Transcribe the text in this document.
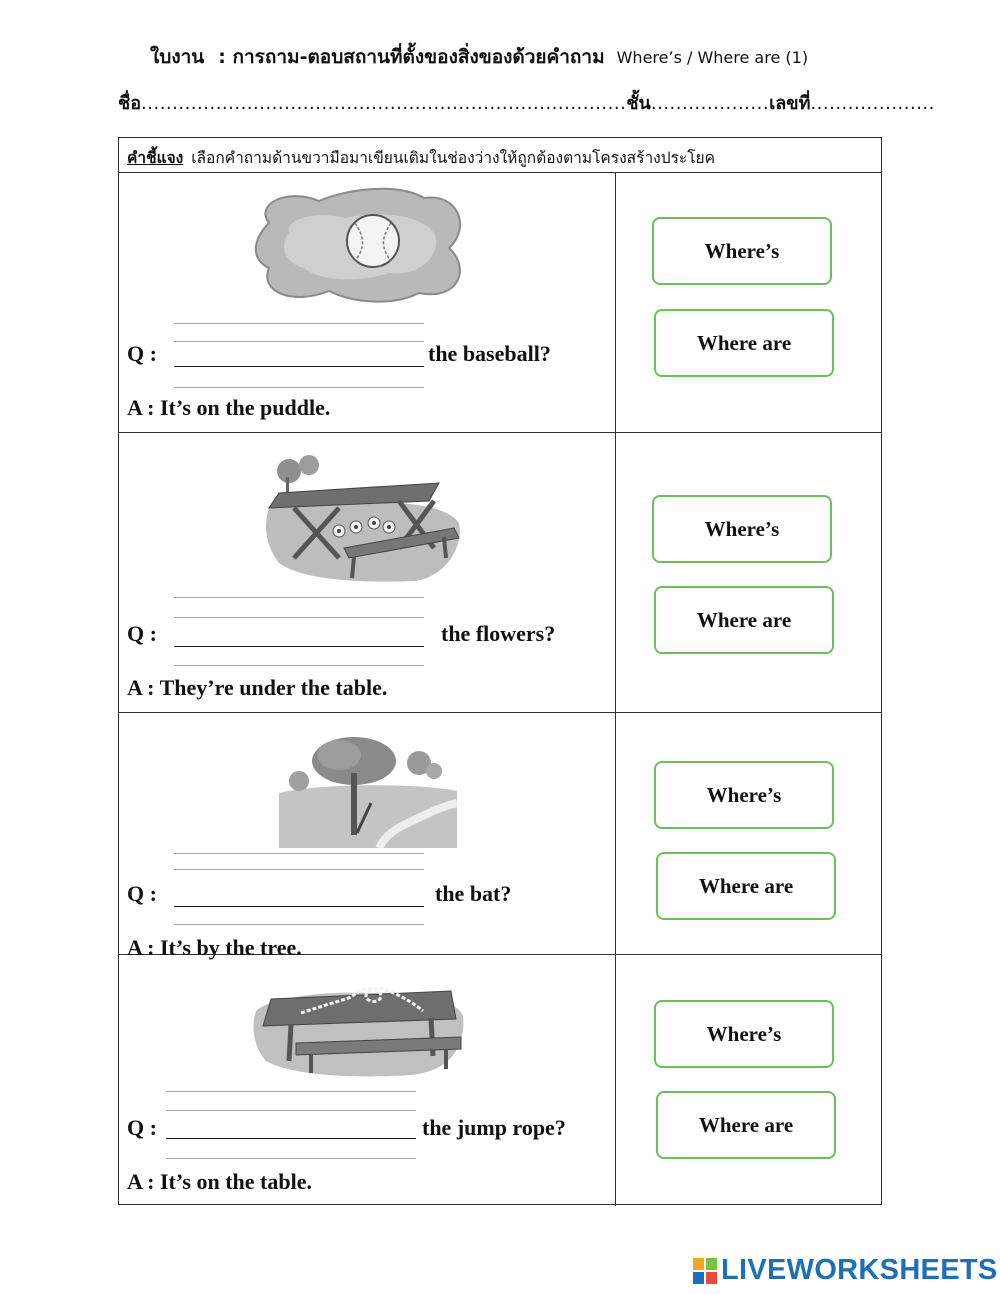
ใบงาน : การถาม-ตอบสถานที่ตั้งของสิ่งของด้วยคำถาม Where’s / Where are (1)
ชื่อ..............................................................................ชั้น...................เลขที่....................
คำชี้แจง เลือกคำถามด้านขวามือมาเขียนเติมในช่องว่างให้ถูกต้องตามโครงสร้างประโยค
Q :	the baseball?
A : It’s on the puddle.
Where’s
Where are
Q :	the flowers?
A : They’re under the table.
Where’s
Where are
Q :	the bat?
A : It’s by the tree.
Where’s
Where are
Q :	the jump rope?
A : It’s on the table.
Where’s
Where are
LIVEWORKSHEETS
